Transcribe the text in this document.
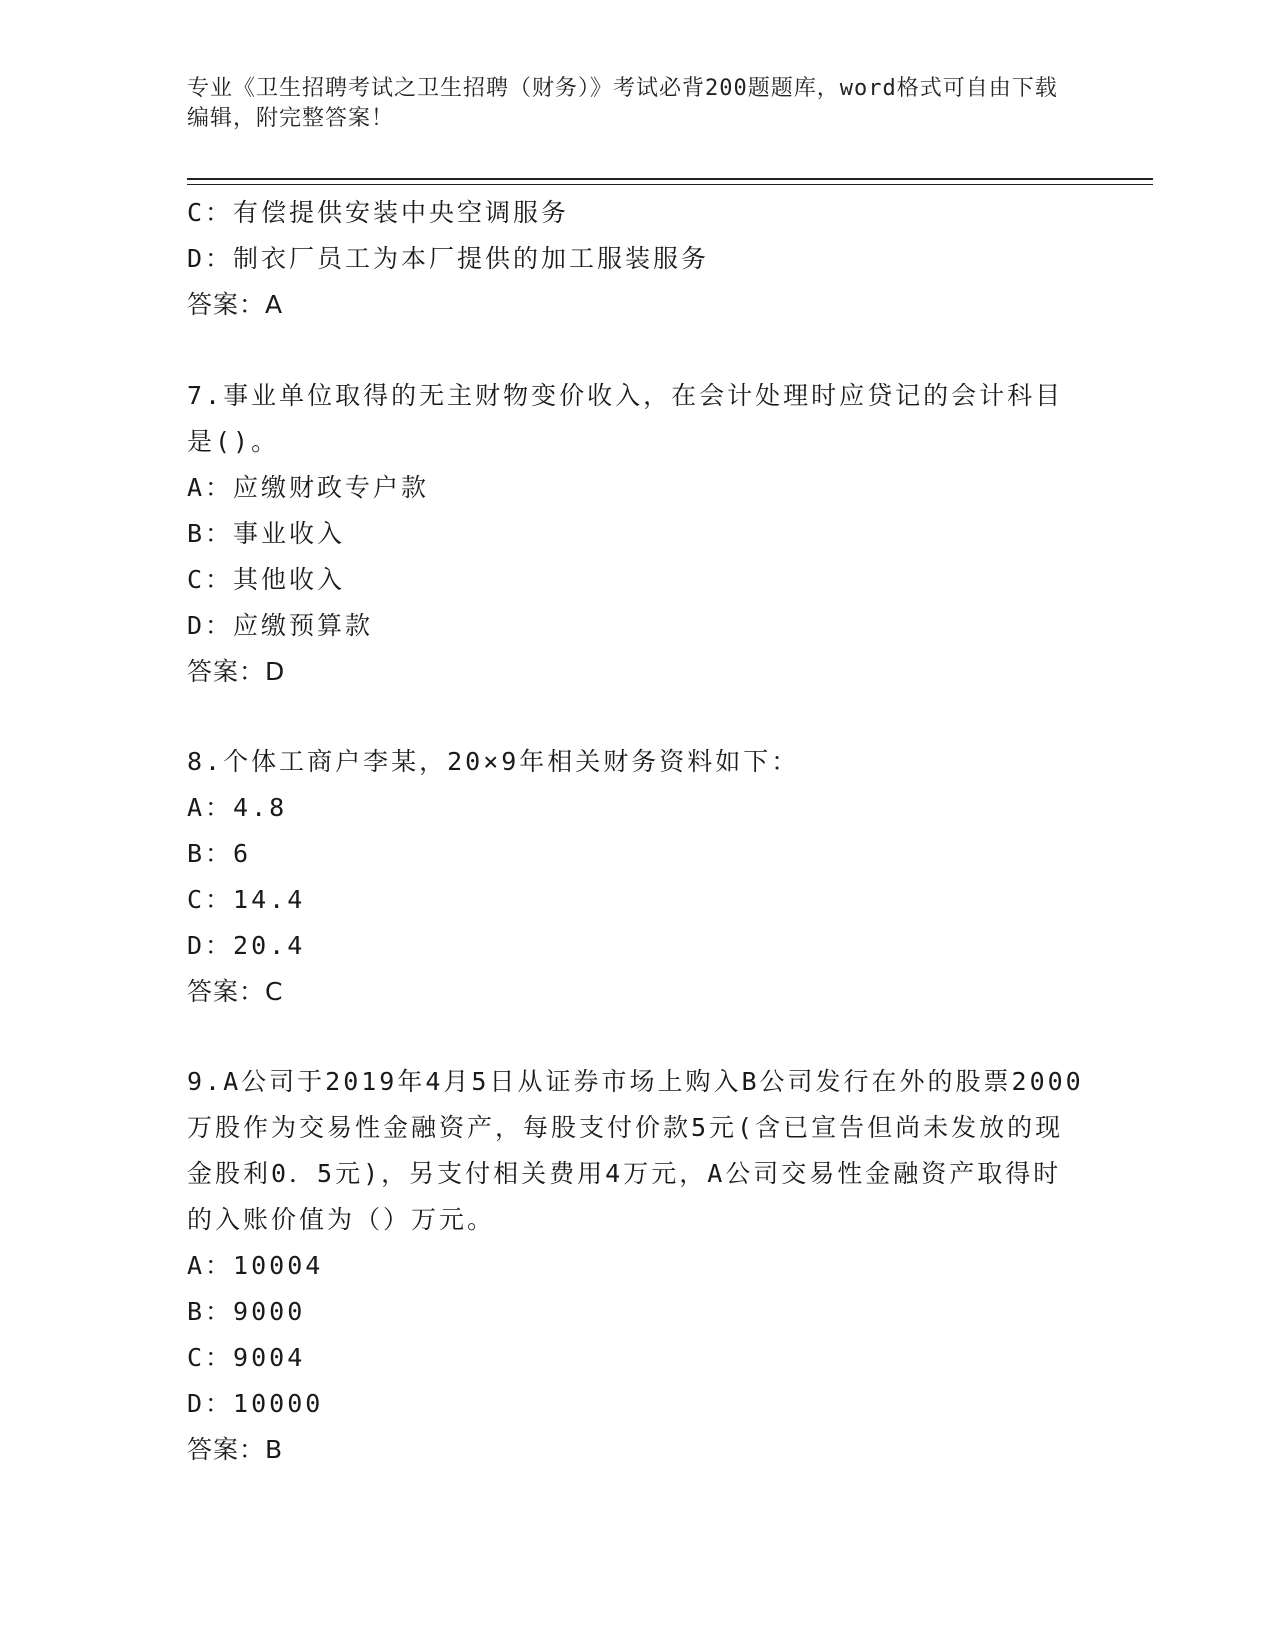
专业《卫生招聘考试之卫生招聘（财务）》考试必背200题题库，word格式可自由下载编辑，附完整答案！
C：有偿提供安装中央空调服务
D：制衣厂员工为本厂提供的加工服装服务
答案：A
7.事业单位取得的无主财物变价收入，在会计处理时应贷记的会计科目是()。
A：应缴财政专户款
B：事业收入
C：其他收入
D：应缴预算款
答案：D
8.个体工商户李某，20×9年相关财务资料如下：
A：4.8
B：6
C：14.4
D：20.4
答案：C
9.A公司于2019年4月5日从证券市场上购入B公司发行在外的股票2000万股作为交易性金融资产，每股支付价款5元(含已宣告但尚未发放的现金股利0．5元)，另支付相关费用4万元，A公司交易性金融资产取得时的入账价值为（）万元。
A：10004
B：9000
C：9004
D：10000
答案：B
